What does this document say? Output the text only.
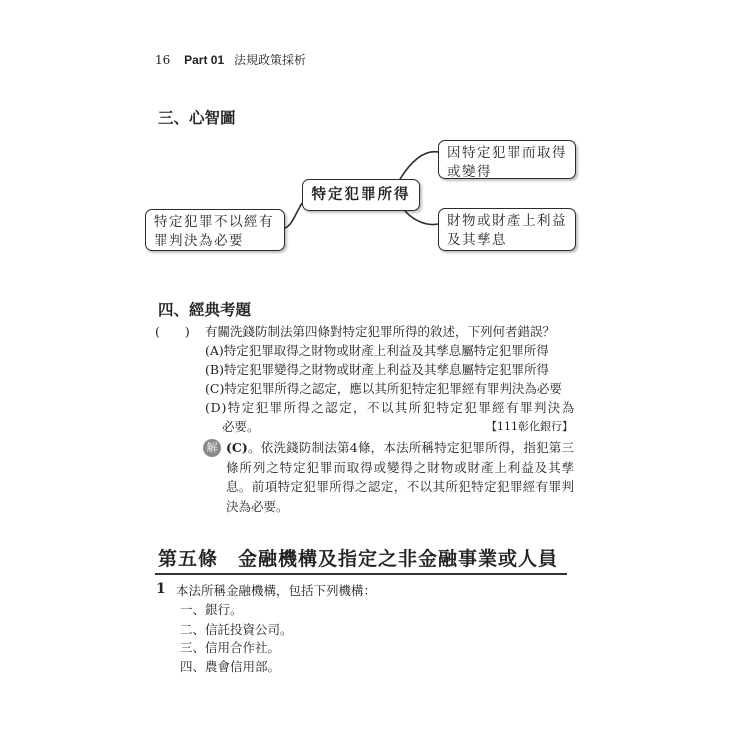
16 Part 01 法規政策採析
三、心智圖
特定犯罪所得
因特定犯罪而取得或變得
財物或財產上利益及其孳息
特定犯罪不以經有罪判決為必要
四、經典考題
(　　) 有關洗錢防制法第四條對特定犯罪所得的敘述，下列何者錯誤？
(A)特定犯罪取得之財物或財產上利益及其孳息屬特定犯罪所得
(B)特定犯罪變得之財物或財產上利益及其孳息屬特定犯罪所得
(C)特定犯罪所得之認定，應以其所犯特定犯罪經有罪判決為必要
(D)特定犯罪所得之認定，不以其所犯特定犯罪經有罪判決為
必要。	【111彰化銀行】
解 (C)。依洗錢防制法第4條，本法所稱特定犯罪所得，指犯第三條所列之特定犯罪而取得或變得之財物或財產上利益及其孳息。前項特定犯罪所得之認定，不以其所犯特定犯罪經有罪判決為必要。
第五條　金融機構及指定之非金融事業或人員
1 本法所稱金融機構，包括下列機構：
一、銀行。
二、信託投資公司。
三、信用合作社。
四、農會信用部。
